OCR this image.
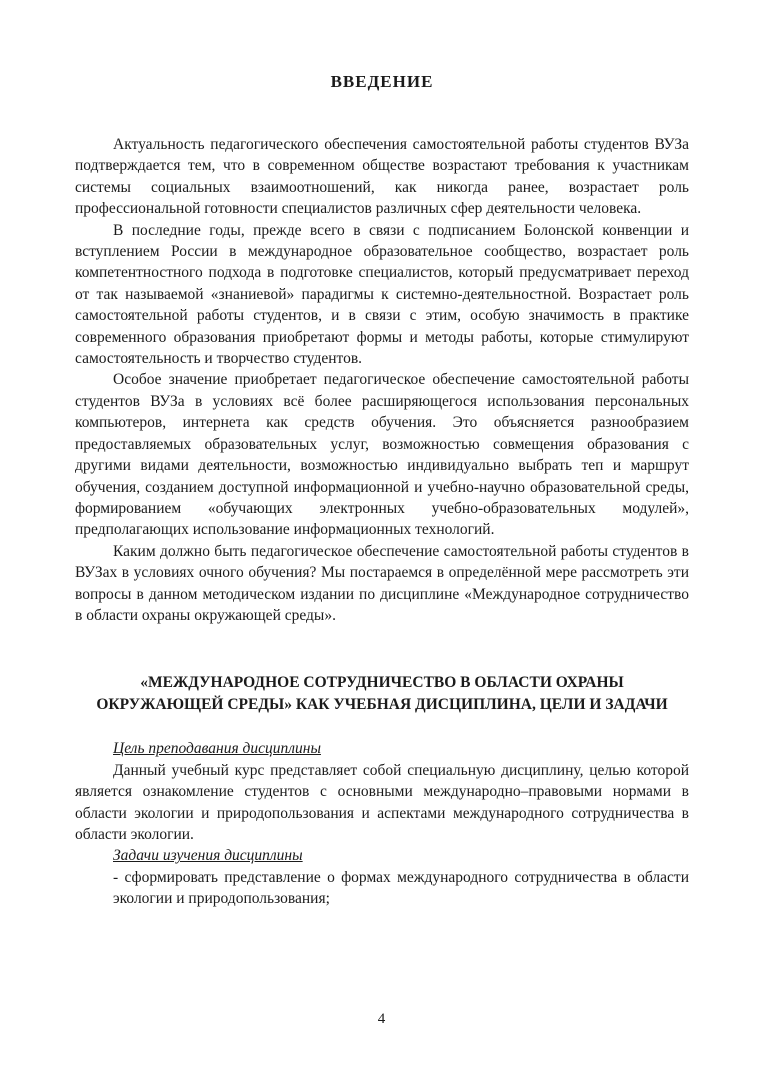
ВВЕДЕНИЕ

Актуальность педагогического обеспечения самостоятельной работы студентов ВУЗа подтверждается тем, что в современном обществе возрастают требования к участникам системы социальных взаимоотношений, как никогда ранее, возрастает роль профессиональной готовности специалистов различных сфер деятельности человека.

В последние годы, прежде всего в связи с подписанием Болонской конвенции и вступлением России в международное образовательное сообщество, возрастает роль компетентностного подхода в подготовке специалистов, который предусматривает переход от так называемой «знаниевой» парадигмы к системно-деятельностной. Возрастает роль самостоятельной работы студентов, и в связи с этим, особую значимость в практике современного образования приобретают формы и методы работы, которые стимулируют самостоятельность и творчество студентов.

Особое значение приобретает педагогическое обеспечение самостоятельной работы студентов ВУЗа в условиях всё более расширяющегося использования персональных компьютеров, интернета как средств обучения. Это объясняется разнообразием предоставляемых образовательных услуг, возможностью совмещения образования с другими видами деятельности, возможностью индивидуально выбрать теп и маршрут обучения, созданием доступной информационной и учебно-научно образовательной среды, формированием «обучающих электронных учебно-образовательных модулей», предполагающих использование информационных технологий.

Каким должно быть педагогическое обеспечение самостоятельной работы студентов в ВУЗах в условиях очного обучения? Мы постараемся в определённой мере рассмотреть эти вопросы в данном методическом издании по дисциплине «Международное сотрудничество в области охраны окружающей среды».

«МЕЖДУНАРОДНОЕ СОТРУДНИЧЕСТВО В ОБЛАСТИ ОХРАНЫ ОКРУЖАЮЩЕЙ СРЕДЫ» КАК УЧЕБНАЯ ДИСЦИПЛИНА, ЦЕЛИ И ЗАДАЧИ

Цель преподавания дисциплины

Данный учебный курс представляет собой специальную дисциплину, целью которой является ознакомление студентов с основными международно–правовыми нормами в области экологии и природопользования и аспектами международного сотрудничества в области экологии.

Задачи изучения дисциплины

- сформировать представление о формах международного сотрудничества в области экологии и природопользования;

4
